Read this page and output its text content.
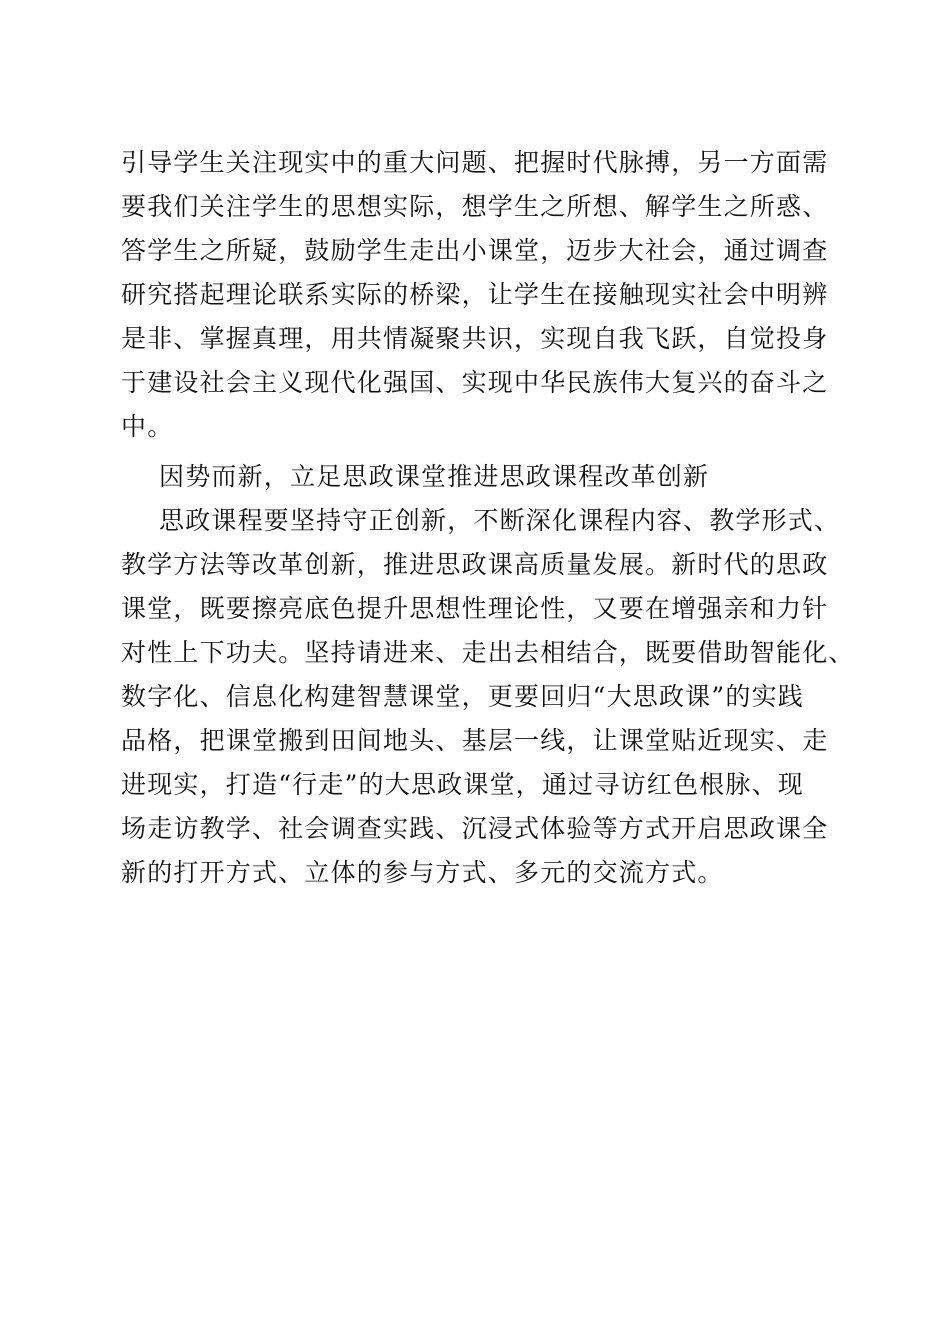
引导学生关注现实中的重大问题、把握时代脉搏，另一方面需
要我们关注学生的思想实际，想学生之所想、解学生之所惑、
答学生之所疑，鼓励学生走出小课堂，迈步大社会，通过调查
研究搭起理论联系实际的桥梁，让学生在接触现实社会中明辨
是非、掌握真理，用共情凝聚共识，实现自我飞跃，自觉投身
于建设社会主义现代化强国、实现中华民族伟大复兴的奋斗之
中。
因势而新，立足思政课堂推进思政课程改革创新
思政课程要坚持守正创新，不断深化课程内容、教学形式、
教学方法等改革创新，推进思政课高质量发展。新时代的思政
课堂，既要擦亮底色提升思想性理论性，又要在增强亲和力针
对性上下功夫。坚持请进来、走出去相结合，既要借助智能化、
数字化、信息化构建智慧课堂，更要回归“大思政课”的实践
品格，把课堂搬到田间地头、基层一线，让课堂贴近现实、走
进现实，打造“行走”的大思政课堂，通过寻访红色根脉、现
场走访教学、社会调查实践、沉浸式体验等方式开启思政课全
新的打开方式、立体的参与方式、多元的交流方式。
